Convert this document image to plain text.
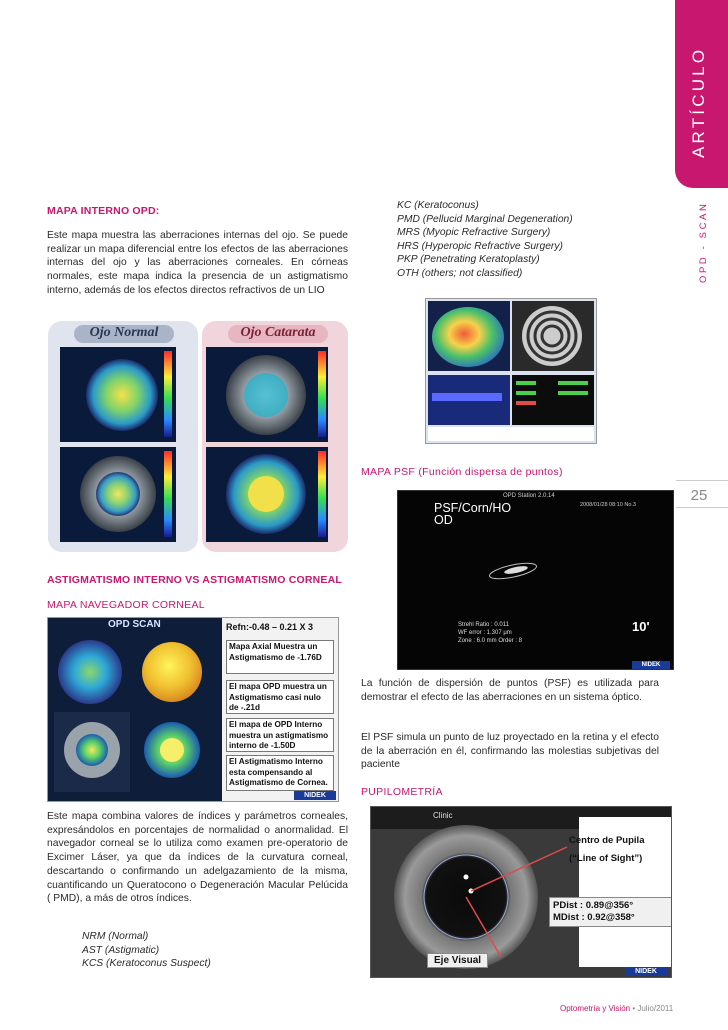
ARTÍCULO
OPD - SCAN
25
MAPA INTERNO OPD:
Este mapa muestra las aberraciones internas del ojo. Se puede realizar un mapa diferencial entre los efectos de las aberraciones internas del ojo y las aberraciones corneales. En córneas normales, este mapa indica la presencia de un astigmatismo interno, además de los efectos directos refractivos de un LIO
Ojo Normal	Ojo Catarata
ASTIGMATISMO INTERNO VS ASTIGMATISMO CORNEAL
MAPA NAVEGADOR CORNEAL
OPD SCAN	Refn:-0.48 – 0.21 X 3
Mapa Axial Muestra un Astigmatismo de -1.76D
El mapa OPD muestra un Astigmatismo casi nulo de -.21d
El mapa de OPD Interno muestra un astigmatismo interno de -1.50D
El Astigmatismo Interno esta compensando al Astigmatismo de Cornea.
NIDEK
Este mapa combina valores de índices y parámetros corneales, expresándolos en porcentajes de normalidad o anormalidad. El navegador corneal se lo utiliza como examen pre-operatorio de Excimer Láser, ya que da índices de la curvatura corneal, descartando o confirmando un adelgazamiento de la misma, cuantificando un Queratocono o Degeneración Macular Pelúcida ( PMD), a más de otros índices.
NRM (Normal)
AST (Astigmatic)
KCS (Keratoconus Suspect)
KC (Keratoconus)
PMD (Pellucid Marginal Degeneration)
MRS (Myopic Refractive Surgery)
HRS (Hyperopic Refractive Surgery)
PKP (Penetrating Keratoplasty)
OTH (others; not classified)
MAPA PSF (Función dispersa de puntos)
OPD Station 2.0.14
2008/01/28 08:10 No.3
PSF/Corn/HO
OD
Strehl Ratio : 0.011
WF error : 1.307 μm
Zone : 6.0 mm Order : 8
10'
NIDEK
La función de dispersión de puntos (PSF) es utilizada para demostrar el efecto de las aberraciones en un sistema óptico.
El PSF simula un punto de luz proyectado en la retina y el efecto de la aberración en él, confirmando las molestias subjetivas del paciente
PUPILOMETRÍA
Clinic
Centro de Pupila
(“Line of Sight”)
PDist : 0.89@356°
MDist : 0.92@358°
Eje Visual
NIDEK
Optometría y Visión • Julio/2011
